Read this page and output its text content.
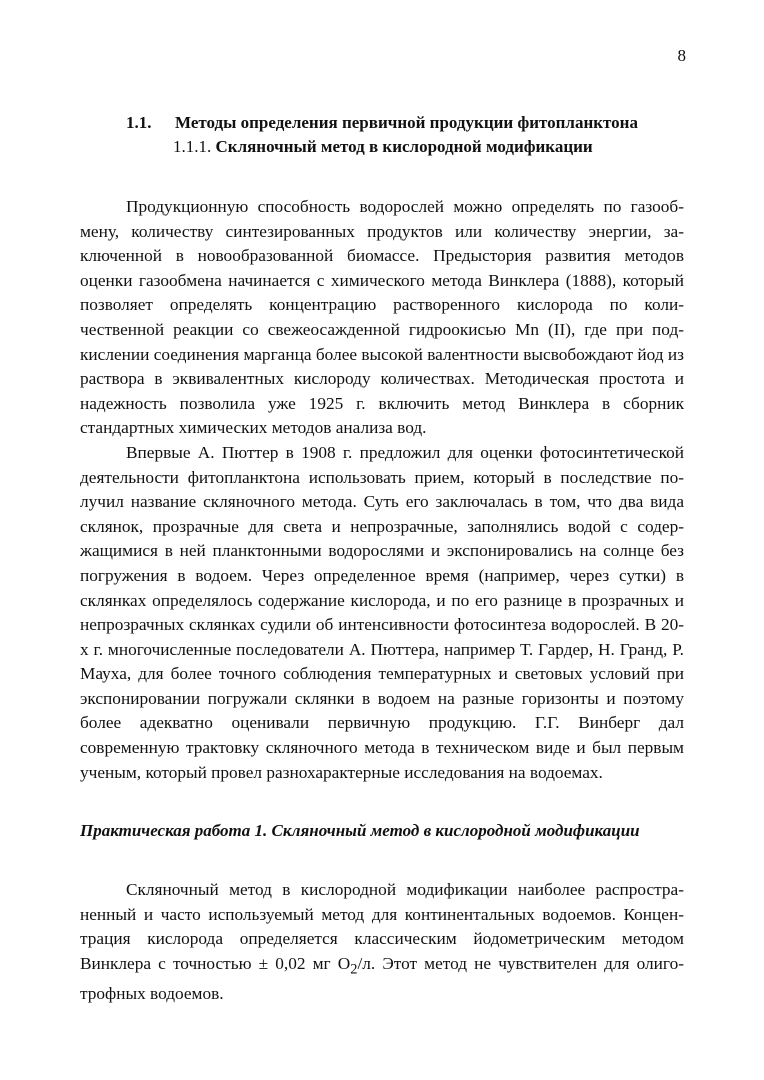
8
1.1. Методы определения первичной продукции фитопланктона
1.1.1. Скляночный метод в кислородной модификации

Продукционную способность водорослей можно определять по газообмену, количеству синтезированных продуктов или количеству энергии, заключенной в новообразованной биомассе. Предыстория развития методов оценки газообмена начинается с химического метода Винклера (1888), который позволяет определять концентрацию растворенного кислорода по количественной реакции со свежеосажденной гидроокисью Mn (II), где при подкислении соединения марганца более высокой валентности высвобождают йод из раствора в эквивалентных кислороду количествах. Методическая простота и надежность позволила уже 1925 г. включить метод Винклера в сборник стандартных химических методов анализа вод.

Впервые А. Пюттер в 1908 г. предложил для оценки фотосинтетической деятельности фитопланктона использовать прием, который в последствие получил название скляночного метода. Суть его заключалась в том, что два вида склянок, прозрачные для света и непрозрачные, заполнялись водой с содержащимися в ней планктонными водорослями и экспонировались на солнце без погружения в водоем. Через определенное время (например, через сутки) в склянках определялось содержание кислорода, и по его разнице в прозрачных и непрозрачных склянках судили об интенсивности фотосинтеза водорослей. В 20-х г. многочисленные последователи А. Пюттера, например Т. Гардер, Н. Гранд, Р. Мауха, для более точного соблюдения температурных и световых условий при экспонировании погружали склянки в водоем на разные горизонты и поэтому более адекватно оценивали первичную продукцию. Г.Г. Винберг дал современную трактовку скляночного метода в техническом виде и был первым ученым, который провел разнохарактерные исследования на водоемах.

Практическая работа 1. Скляночный метод в кислородной модификации

Скляночный метод в кислородной модификации наиболее распространенный и часто используемый метод для континентальных водоемов. Концентрация кислорода определяется классическим йодометрическим методом Винклера с точностью ± 0,02 мг $O_2/л$. Этот метод не чувствителен для олиготрофных водоемов.
